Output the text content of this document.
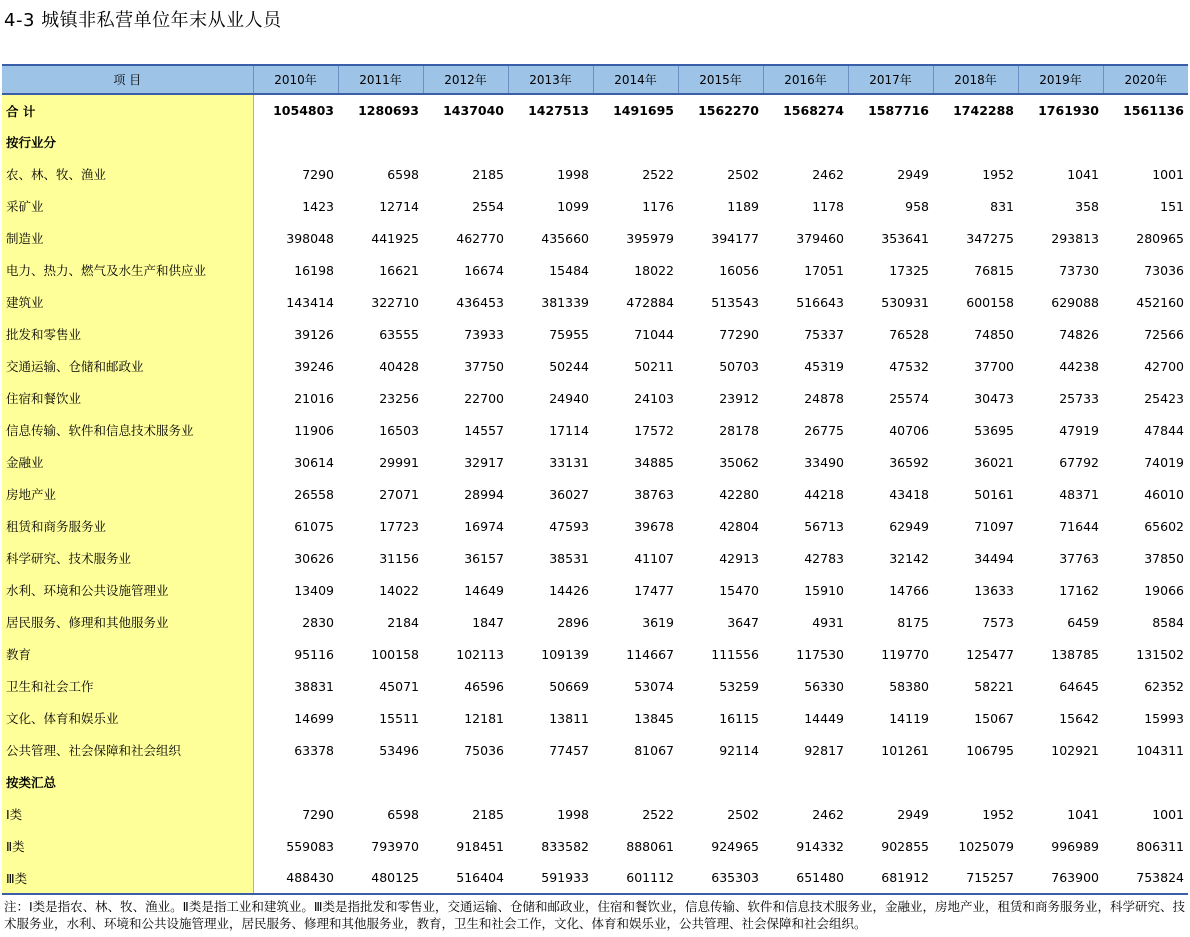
4-3 城镇非私营单位年末从业人员
项 目	2010年	2011年	2012年	2013年	2014年	2015年	2016年	2017年	2018年	2019年	2020年
合 计	1054803	1280693	1437040	1427513	1491695	1562270	1568274	1587716	1742288	1761930	1561136
按行业分											
农、林、牧、渔业	7290	6598	2185	1998	2522	2502	2462	2949	1952	1041	1001
采矿业	1423	12714	2554	1099	1176	1189	1178	958	831	358	151
制造业	398048	441925	462770	435660	395979	394177	379460	353641	347275	293813	280965
电力、热力、燃气及水生产和供应业	16198	16621	16674	15484	18022	16056	17051	17325	76815	73730	73036
建筑业	143414	322710	436453	381339	472884	513543	516643	530931	600158	629088	452160
批发和零售业	39126	63555	73933	75955	71044	77290	75337	76528	74850	74826	72566
交通运输、仓储和邮政业	39246	40428	37750	50244	50211	50703	45319	47532	37700	44238	42700
住宿和餐饮业	21016	23256	22700	24940	24103	23912	24878	25574	30473	25733	25423
信息传输、软件和信息技术服务业	11906	16503	14557	17114	17572	28178	26775	40706	53695	47919	47844
金融业	30614	29991	32917	33131	34885	35062	33490	36592	36021	67792	74019
房地产业	26558	27071	28994	36027	38763	42280	44218	43418	50161	48371	46010
租赁和商务服务业	61075	17723	16974	47593	39678	42804	56713	62949	71097	71644	65602
科学研究、技术服务业	30626	31156	36157	38531	41107	42913	42783	32142	34494	37763	37850
水利、环境和公共设施管理业	13409	14022	14649	14426	17477	15470	15910	14766	13633	17162	19066
居民服务、修理和其他服务业	2830	2184	1847	2896	3619	3647	4931	8175	7573	6459	8584
教育	95116	100158	102113	109139	114667	111556	117530	119770	125477	138785	131502
卫生和社会工作	38831	45071	46596	50669	53074	53259	56330	58380	58221	64645	62352
文化、体育和娱乐业	14699	15511	12181	13811	13845	16115	14449	14119	15067	15642	15993
公共管理、社会保障和社会组织	63378	53496	75036	77457	81067	92114	92817	101261	106795	102921	104311
按类汇总											
Ⅰ类	7290	6598	2185	1998	2522	2502	2462	2949	1952	1041	1001
Ⅱ类	559083	793970	918451	833582	888061	924965	914332	902855	1025079	996989	806311
Ⅲ类	488430	480125	516404	591933	601112	635303	651480	681912	715257	763900	753824
注：Ⅰ类是指农、林、牧、渔业。Ⅱ类是指工业和建筑业。Ⅲ类是指批发和零售业，交通运输、仓储和邮政业，住宿和餐饮业，信息传输、软件和信息技术服务业，金融业，房地产业，租赁和商务服务业，科学研究、技术服务业，水利、环境和公共设施管理业，居民服务、修理和其他服务业，教育，卫生和社会工作，文化、体育和娱乐业，公共管理、社会保障和社会组织。
